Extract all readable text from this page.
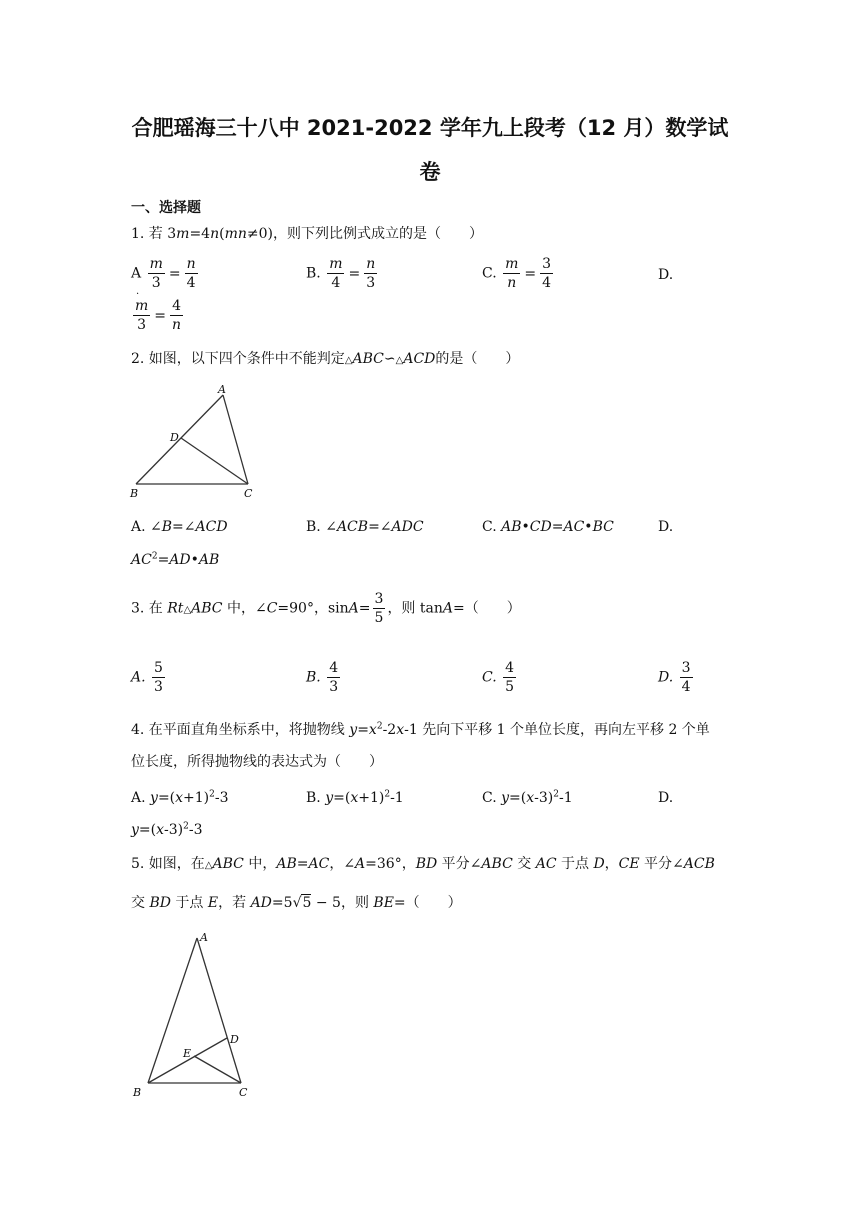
合肥瑶海三十八中 2021-2022 学年九上段考（12 月）数学试
卷
一、选择题
1. 若 3m=4n(mn≠0)，则下列比例式成立的是（　　）
A $\frac{m}{3} = \frac{n}{4}$
.
B. $\frac{m}{4} = \frac{n}{3}$	C. $\frac{m}{n} = \frac{3}{4}$	D.
$\frac{m}{3} = \frac{4}{n}$
2. 如图，以下四个条件中不能判定△ABC∽△ACD的是（　　）
A
B	C
D
A. ∠B=∠ACD	B. ∠ACB=∠ADC	C. AB•CD=AC•BC	D.
$AC^2=AD•AB$
3. 在 Rt△ABC 中，∠C=90°，$\sin A= \frac{3}{5}$ ，则 tanA=（　　）
A. $\frac{5}{3}$	B. $\frac{4}{3}$	C. $\frac{4}{5}$	D. $\frac{3}{4}$
4. 在平面直角坐标系中，将抛物线 $y=x^2-2x-1$ 先向下平移 1 个单位长度，再向左平移 2 个单
位长度，所得抛物线的表达式为（　　）
A. $y=(x+1)^2-3$	B. $y=(x+1)^2-1$	C. $y=(x-3)^2-1$	D.
$y=(x-3)^2-3$
5. 如图，在△ABC 中，AB=AC，∠A=36°，BD 平分∠ABC 交 AC 于点 D，CE 平分∠ACB
交 BD 于点 E，若 AD=5√5 − 5，则 BE=（　　）
A
B	C
D
E
